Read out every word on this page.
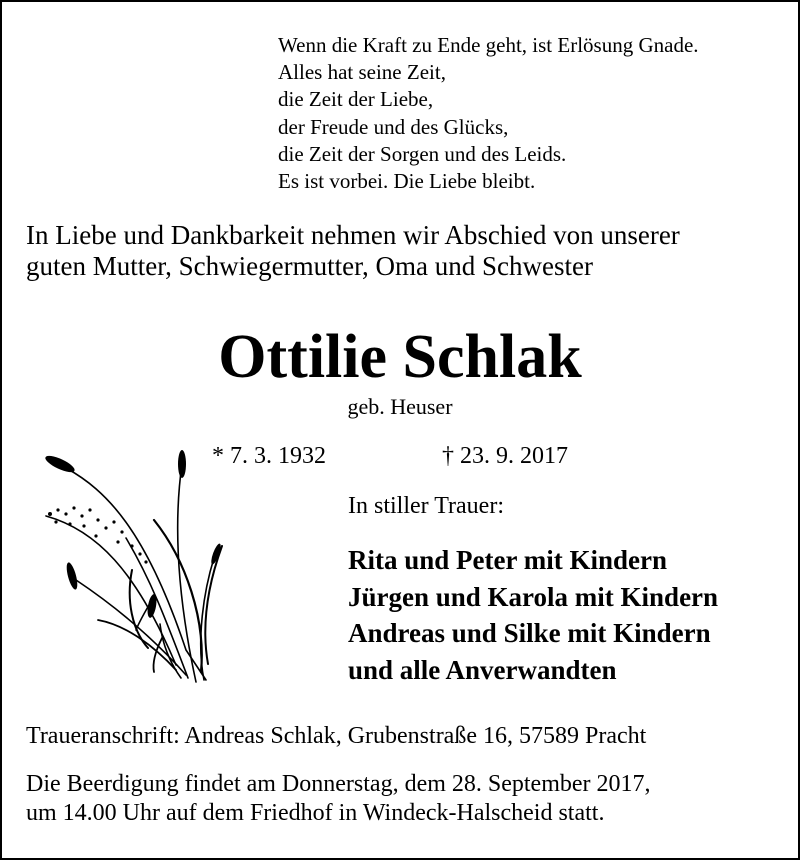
Wenn die Kraft zu Ende geht, ist Erlösung Gnade.
Alles hat seine Zeit,
die Zeit der Liebe,
der Freude und des Glücks,
die Zeit der Sorgen und des Leids.
Es ist vorbei. Die Liebe bleibt.
In Liebe und Dankbarkeit nehmen wir Abschied von unserer
guten Mutter, Schwiegermutter, Oma und Schwester
Ottilie Schlak
geb. Heuser
* 7. 3. 1932	† 23. 9. 2017
In stiller Trauer:
Rita und Peter mit Kindern
Jürgen und Karola mit Kindern
Andreas und Silke mit Kindern
und alle Anverwandten
Traueranschrift: Andreas Schlak, Grubenstraße 16, 57589 Pracht
Die Beerdigung findet am Donnerstag, dem 28. September 2017,
um 14.00 Uhr auf dem Friedhof in Windeck-Halscheid statt.
